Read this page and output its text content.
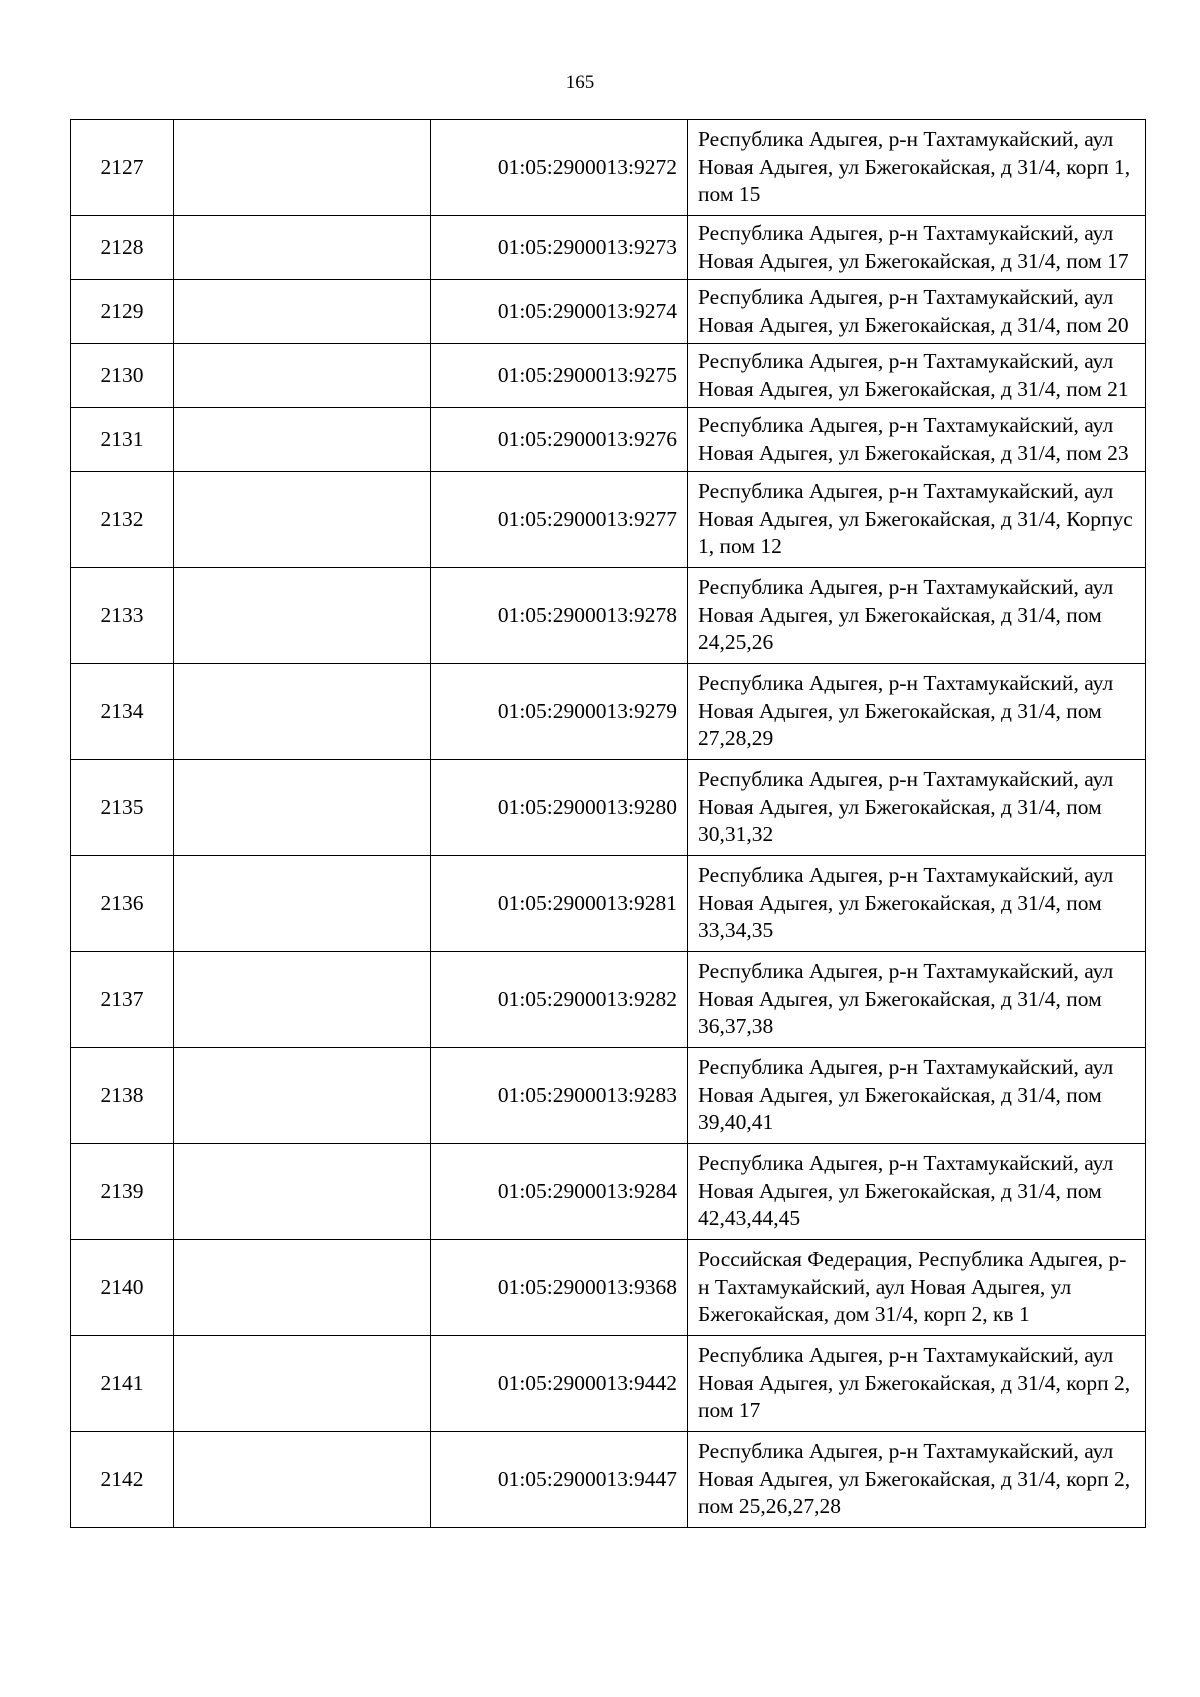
165
2127		01:05:2900013:9272	Республика Адыгея, р-н Тахтамукайский, аул Новая Адыгея, ул Бжегокайская, д 31/4, корп 1, пом 15
2128		01:05:2900013:9273	Республика Адыгея, р-н Тахтамукайский, аул Новая Адыгея, ул Бжегокайская, д 31/4, пом 17
2129		01:05:2900013:9274	Республика Адыгея, р-н Тахтамукайский, аул Новая Адыгея, ул Бжегокайская, д 31/4, пом 20
2130		01:05:2900013:9275	Республика Адыгея, р-н Тахтамукайский, аул Новая Адыгея, ул Бжегокайская, д 31/4, пом 21
2131		01:05:2900013:9276	Республика Адыгея, р-н Тахтамукайский, аул Новая Адыгея, ул Бжегокайская, д 31/4, пом 23
2132		01:05:2900013:9277	Республика Адыгея, р-н Тахтамукайский, аул Новая Адыгея, ул Бжегокайская, д 31/4, Корпус 1, пом 12
2133		01:05:2900013:9278	Республика Адыгея, р-н Тахтамукайский, аул Новая Адыгея, ул Бжегокайская, д 31/4, пом 24,25,26
2134		01:05:2900013:9279	Республика Адыгея, р-н Тахтамукайский, аул Новая Адыгея, ул Бжегокайская, д 31/4, пом 27,28,29
2135		01:05:2900013:9280	Республика Адыгея, р-н Тахтамукайский, аул Новая Адыгея, ул Бжегокайская, д 31/4, пом 30,31,32
2136		01:05:2900013:9281	Республика Адыгея, р-н Тахтамукайский, аул Новая Адыгея, ул Бжегокайская, д 31/4, пом 33,34,35
2137		01:05:2900013:9282	Республика Адыгея, р-н Тахтамукайский, аул Новая Адыгея, ул Бжегокайская, д 31/4, пом 36,37,38
2138		01:05:2900013:9283	Республика Адыгея, р-н Тахтамукайский, аул Новая Адыгея, ул Бжегокайская, д 31/4, пом 39,40,41
2139		01:05:2900013:9284	Республика Адыгея, р-н Тахтамукайский, аул Новая Адыгея, ул Бжегокайская, д 31/4, пом 42,43,44,45
2140		01:05:2900013:9368	Российская Федерация, Республика Адыгея, р-н Тахтамукайский, аул Новая Адыгея, ул Бжегокайская, дом 31/4, корп 2, кв 1
2141		01:05:2900013:9442	Республика Адыгея, р-н Тахтамукайский, аул Новая Адыгея, ул Бжегокайская, д 31/4, корп 2, пом 17
2142		01:05:2900013:9447	Республика Адыгея, р-н Тахтамукайский, аул Новая Адыгея, ул Бжегокайская, д 31/4, корп 2, пом 25,26,27,28
